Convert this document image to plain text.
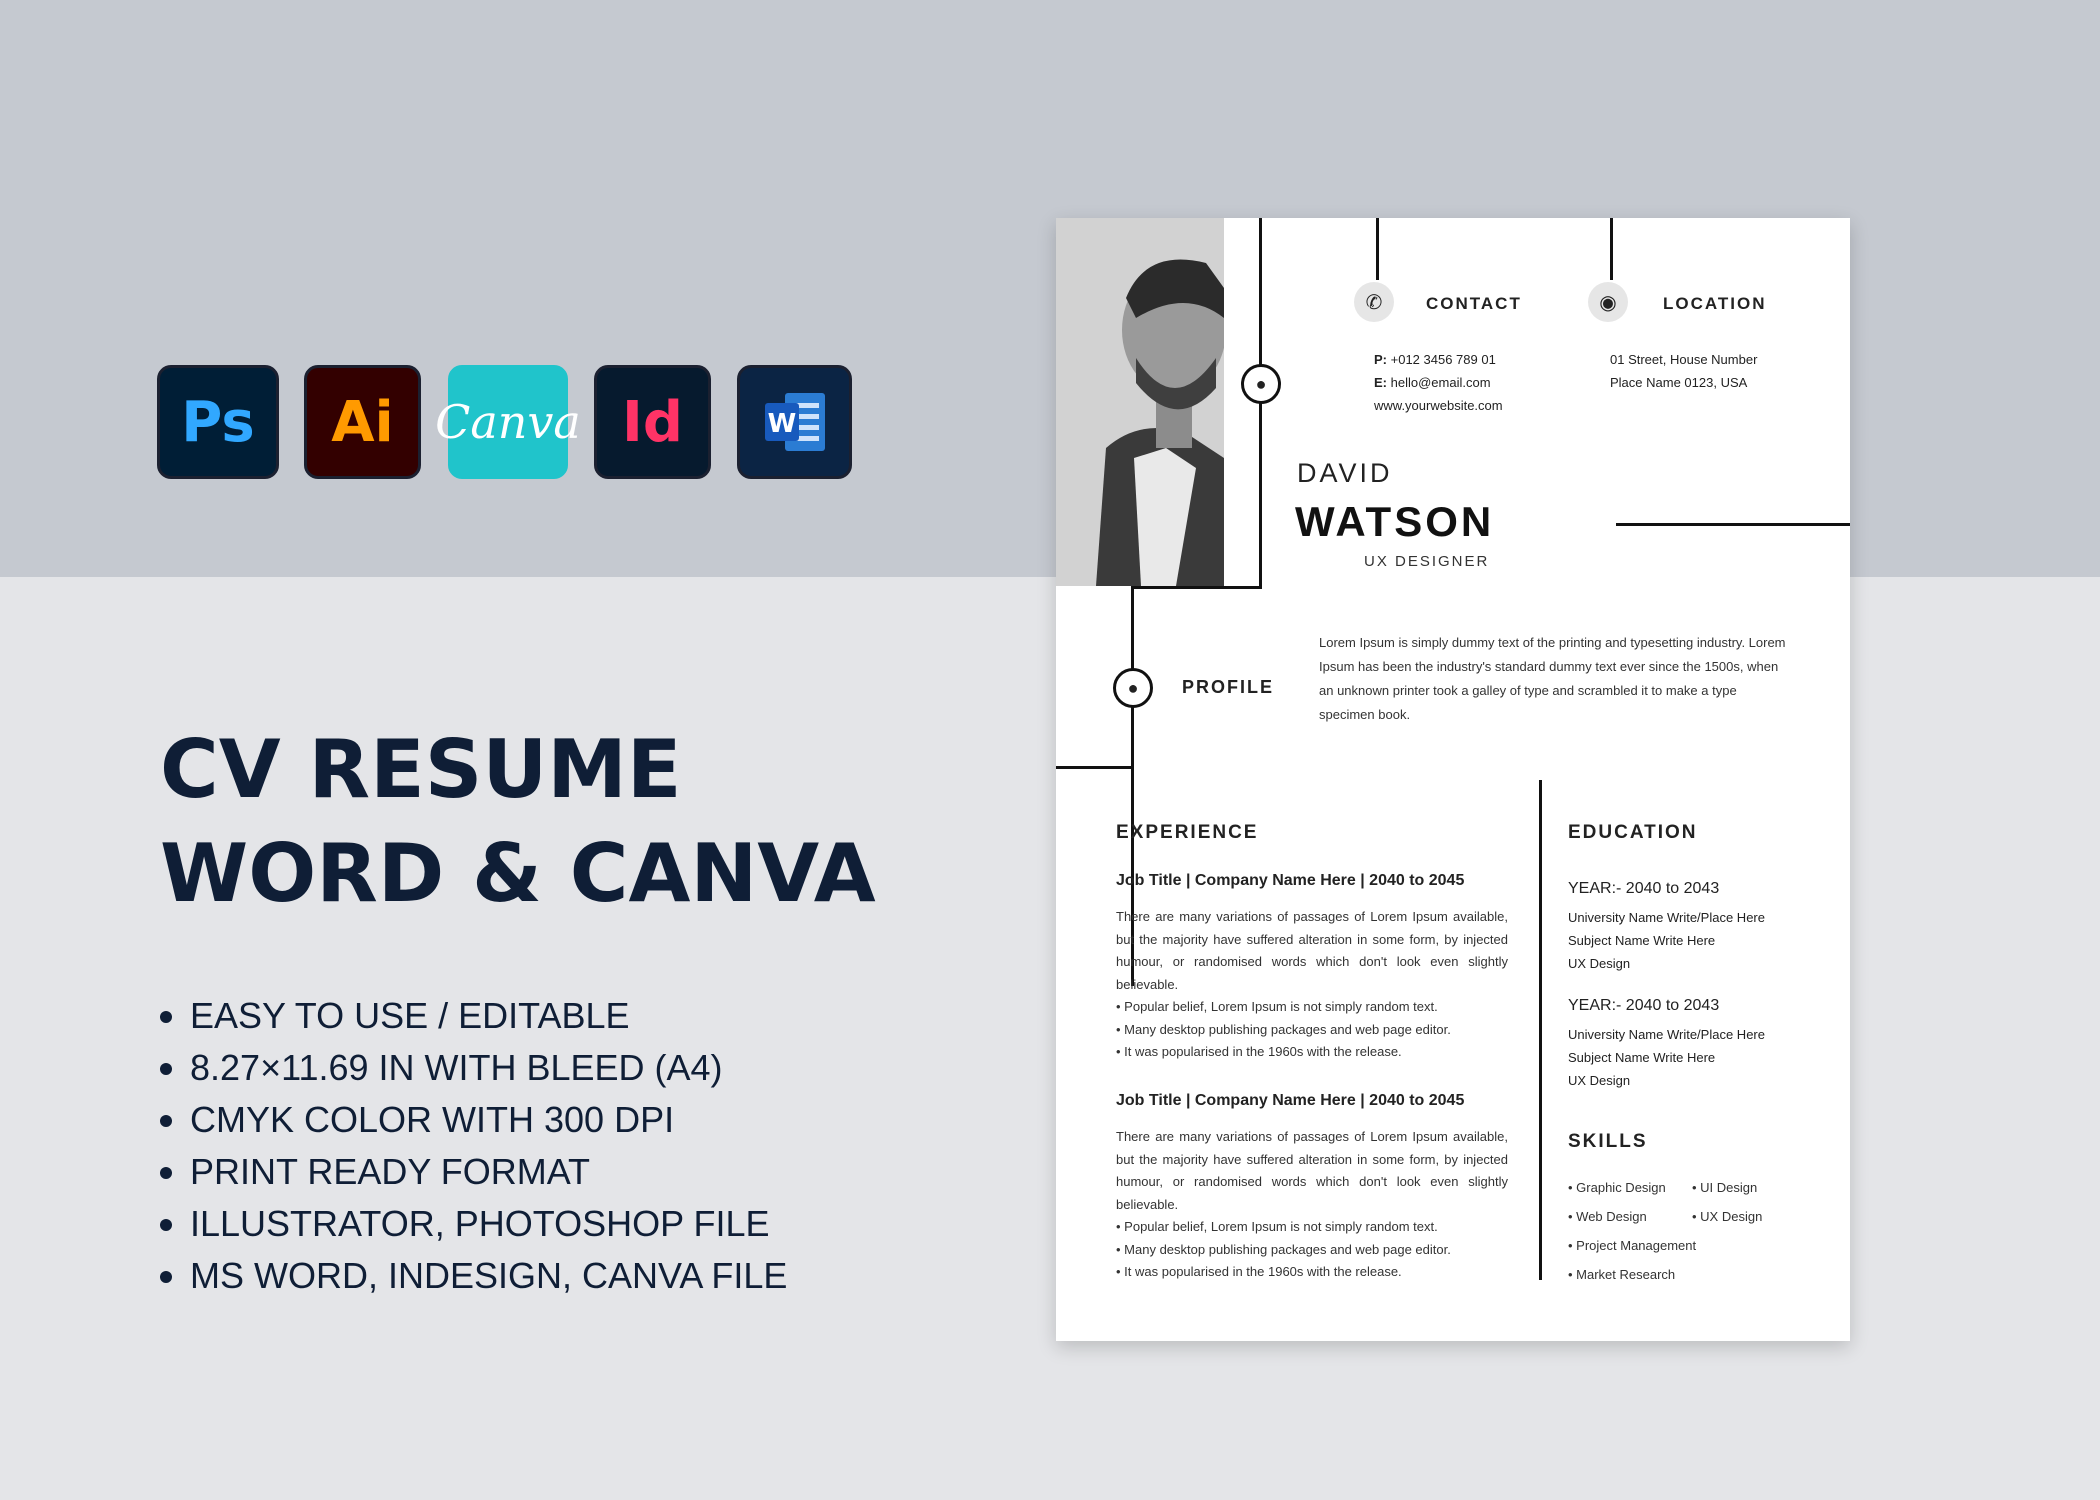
Ps Ai Canva Id	W
CV RESUME
WORD & CANVA
EASY TO USE / EDITABLE
8.27×11.69 IN WITH BLEED (A4)
CMYK COLOR WITH 300 DPI
PRINT READY FORMAT
ILLUSTRATOR, PHOTOSHOP FILE
MS WORD, INDESIGN, CANVA FILE
●
●
✆	◉
CONTACT
P: +012 3456 789 01
E: hello@email.com
www.yourwebsite.com
LOCATION
01 Street, House Number
Place Name 0123, USA
DAVID
WATSON
UX DESIGNER
PROFILE
Lorem Ipsum is simply dummy text of the printing and typesetting industry. Lorem Ipsum has been the industry's standard dummy text ever since the 1500s, when an unknown printer took a galley of type and scrambled it to make a type specimen book.
EXPERIENCE
Job Title | Company Name Here | 2040 to 2045
There are many variations of passages of Lorem Ipsum available, but the majority have suffered alteration in some form, by injected humour, or randomised words which don't look even slightly believable.
• Popular belief, Lorem Ipsum is not simply random text.
• Many desktop publishing packages and web page editor.
• It was popularised in the 1960s with the release.
Job Title | Company Name Here | 2040 to 2045
There are many variations of passages of Lorem Ipsum available, but the majority have suffered alteration in some form, by injected humour, or randomised words which don't look even slightly believable.
• Popular belief, Lorem Ipsum is not simply random text.
• Many desktop publishing packages and web page editor.
• It was popularised in the 1960s with the release.
EDUCATION
YEAR:- 2040 to 2043
University Name Write/Place Here
Subject Name Write Here
UX Design
YEAR:- 2040 to 2043
University Name Write/Place Here
Subject Name Write Here
UX Design
SKILLS
• Graphic Design	• UI Design
• Web Design	• UX Design
• Project Management
• Market Research
